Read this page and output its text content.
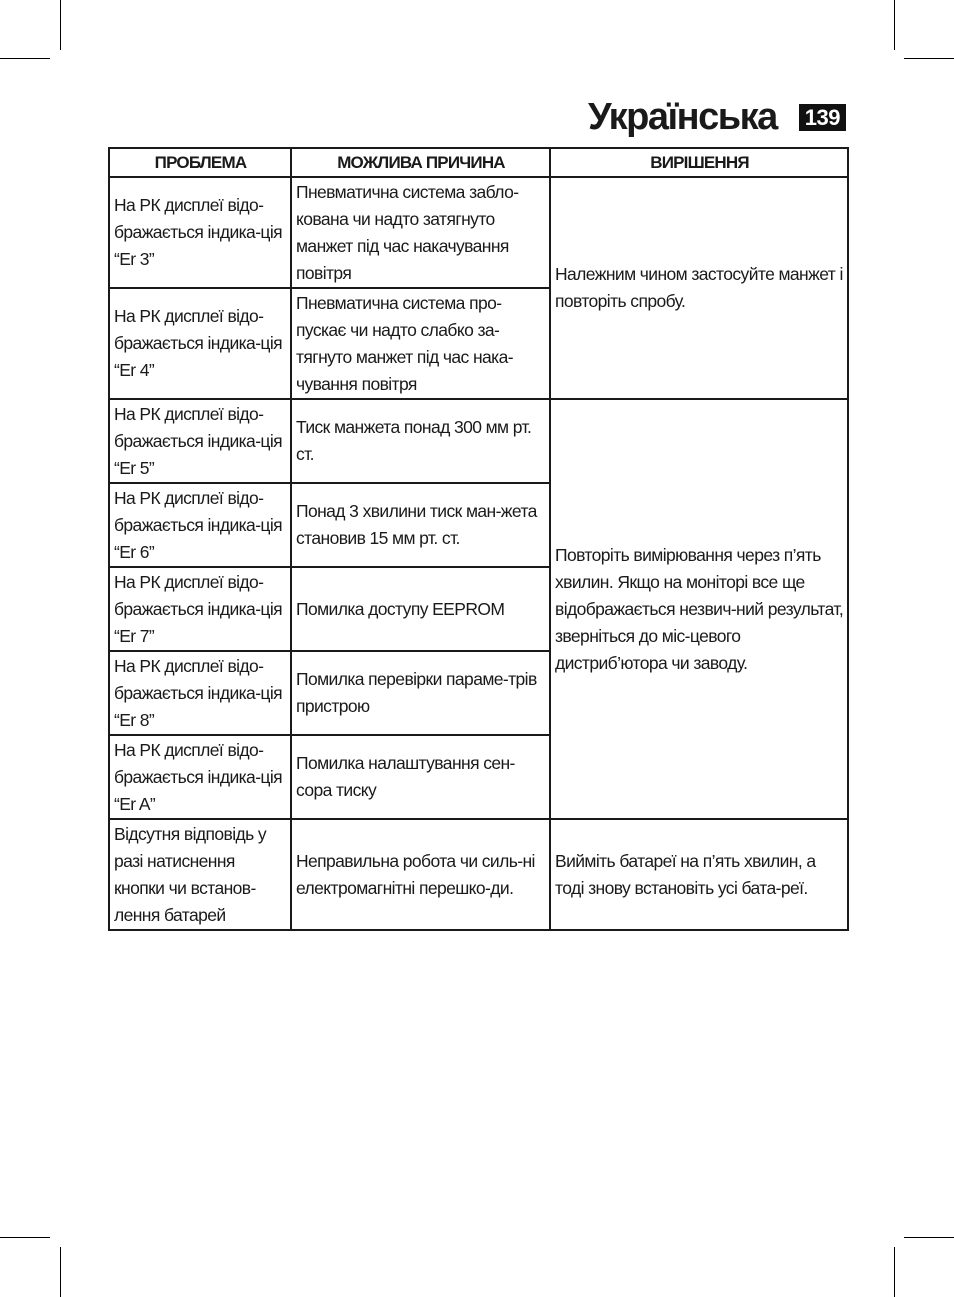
Українська 139
ПРОБЛЕМА	МОЖЛИВА ПРИЧИНА	ВИРІШЕННЯ
На РК дисплеї відо-бражається індика-ція “Er 3”	Пневматична система забло-кована чи надто затягнуто манжет під час накачування повітря	Належним чином застосуйте манжет і повторіть спробу.
На РК дисплеї відо-бражається індика-ція “Er 4”	Пневматична система про-пускає чи надто слабко за-тягнуто манжет під час нака-чування повітря	
На РК дисплеї відо-бражається індика-ція “Er 5”	Тиск манжета понад 300 мм рт. ст.	Повторіть вимірювання через п’ять хвилин. Якщо на моніторі все ще відображається незвич-ний результат, зверніться до міс-цевого дистриб’ютора чи заводу.
На РК дисплеї відо-бражається індика-ція “Er 6”	Понад 3 хвилини тиск ман-жета становив 15 мм рт. ст.	
На РК дисплеї відо-бражається індика-ція “Er 7”	Помилка доступу EEPROM	
На РК дисплеї відо-бражається індика-ція “Er 8”	Помилка перевірки параме-трів пристрою	
На РК дисплеї відо-бражається індика-ція “Er A”	Помилка налаштування сен-сора тиску	
Відсутня відповідь у разі натиснення кнопки чи встанов-лення батарей	Неправильна робота чи силь-ні електромагнітні перешко-ди.	Вийміть батареї на п’ять хвилин, а тоді знову встановіть усі бата-реї.
